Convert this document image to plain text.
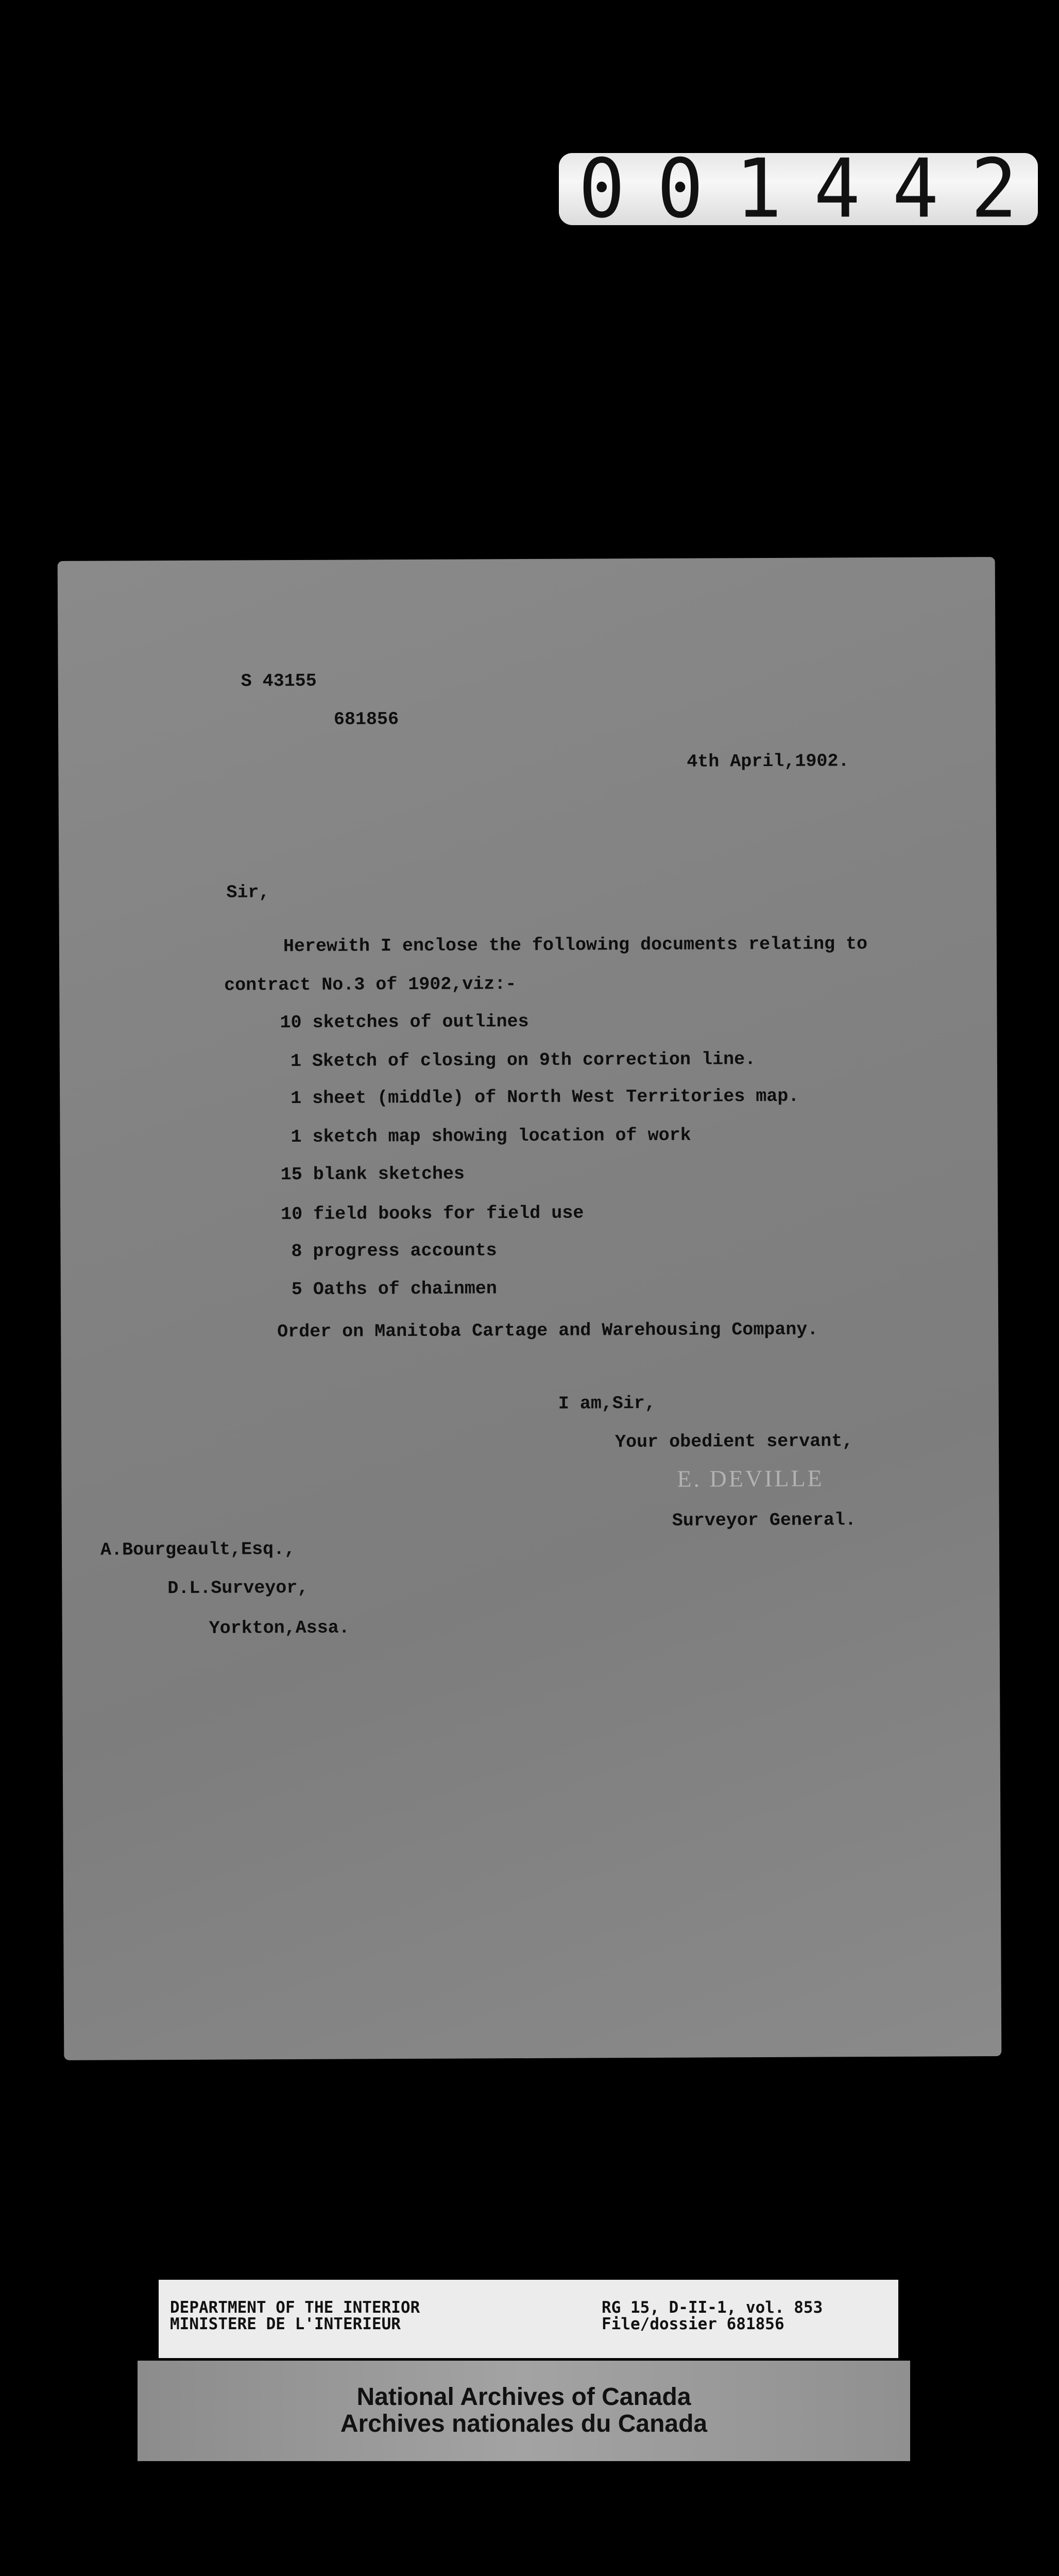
001442
S 43155
681856
4th April,1902.
Sir,
Herewith I enclose the following documents relating to
contract No.3 of 1902,viz:-
10 sketches of outlines
1 Sketch of closing on 9th correction line.
1 sheet (middle) of North West Territories map.
1 sketch map showing location of work
15 blank sketches
10 field books for field use
8 progress accounts
5 Oaths of chainmen
Order on Manitoba Cartage and Warehousing Company.
I am,Sir,
Your obedient servant,
E. DEVILLE
Surveyor General.
A.Bourgeault,Esq.,
D.L.Surveyor,
Yorkton,Assa.
DEPARTMENT OF THE INTERIOR
MINISTERE DE L'INTERIEUR
RG 15, D-II-1, vol. 853
File/dossier 681856
National Archives of Canada
Archives nationales du Canada
